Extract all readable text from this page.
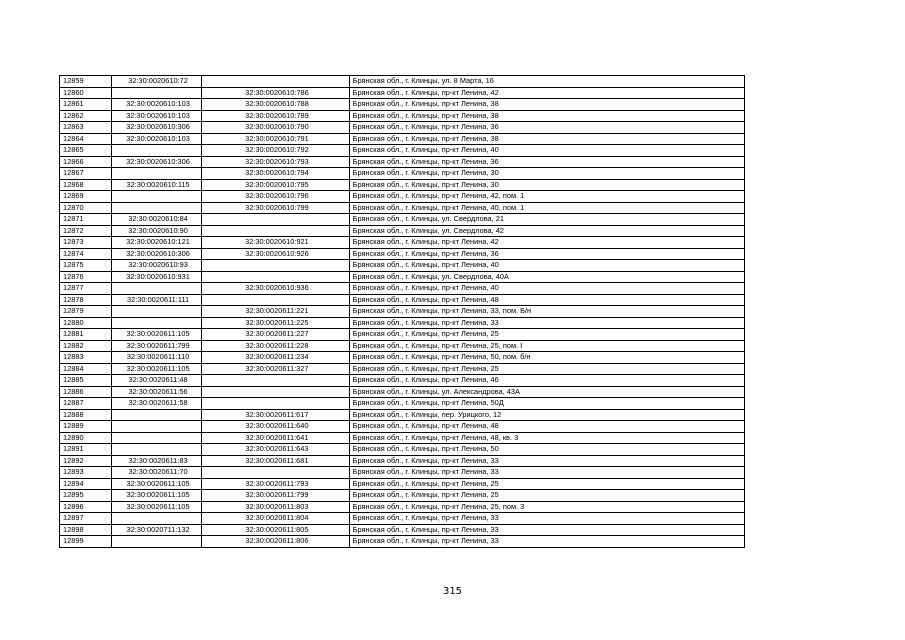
12859	32:30:0020610:72		Брянская обл., г. Клинцы, ул. 8 Марта, 16
12860		32:30:0020610:786	Брянская обл., г. Клинцы, пр-кт Ленина, 42
12861	32:30:0020610:103	32:30:0020610:788	Брянская обл., г. Клинцы, пр-кт Ленина, 38
12862	32:30:0020610:103	32:30:0020610:789	Брянская обл., г. Клинцы, пр-кт Ленина, 38
12863	32:30:0020610:306	32:30:0020610:790	Брянская обл., г. Клинцы, пр-кт Ленина, 36
12864	32:30:0020610:103	32:30:0020610:791	Брянская обл., г. Клинцы, пр-кт Ленина, 38
12865		32:30:0020610:792	Брянская обл., г. Клинцы, пр-кт Ленина, 40
12866	32:30:0020610:306	32:30:0020610:793	Брянская обл., г. Клинцы, пр-кт Ленина, 36
12867		32:30:0020610:794	Брянская обл., г. Клинцы, пр-кт Ленина, 30
12868	32:30:0020610:115	32:30:0020610:795	Брянская обл., г. Клинцы, пр-кт Ленина, 30
12869		32:30:0020610:796	Брянская обл., г. Клинцы, пр-кт Ленина, 42, пом. 1
12870		32:30:0020610:799	Брянская обл., г. Клинцы, пр-кт Ленина, 40, пом. 1
12871	32:30:0020610:84		Брянская обл., г. Клинцы, ул. Свердлова, 21
12872	32:30:0020610:90		Брянская обл., г. Клинцы, ул. Свердлова, 42
12873	32:30:0020610:121	32:30:0020610:921	Брянская обл., г. Клинцы, пр-кт Ленина, 42
12874	32:30:0020610:306	32:30:0020610:926	Брянская обл., г. Клинцы, пр-кт Ленина, 36
12875	32:30:0020610:93		Брянская обл., г. Клинцы, пр-кт Ленина, 40
12876	32:30:0020610:931		Брянская обл., г. Клинцы, ул. Свердлова, 40А
12877		32:30:0020610:936	Брянская обл., г. Клинцы, пр-кт Ленина, 40
12878	32:30:0020611:111		Брянская обл., г. Клинцы, пр-кт Ленина, 48
12879		32:30:0020611:221	Брянская обл., г. Клинцы, пр-кт Ленина, 33, пом. Б/н
12880		32:30:0020611:225	Брянская обл., г. Клинцы, пр-кт Ленина, 33
12881	32:30:0020611:105	32:30:0020611:227	Брянская обл., г. Клинцы, пр-кт Ленина, 25
12882	32:30:0020611:799	32:30:0020611:228	Брянская обл., г. Клинцы, пр-кт Ленина, 25, пом. I
12883	32:30:0020611:110	32:30:0020611:234	Брянская обл., г. Клинцы, пр-кт Ленина, 50, пом. б/н
12884	32:30:0020611:105	32:30:0020611:327	Брянская обл., г. Клинцы, пр-кт Ленина, 25
12885	32:30:0020611:48		Брянская обл., г. Клинцы, пр-кт Ленина, 46
12886	32:30:0020611:56		Брянская обл., г. Клинцы, ул. Александрова, 43А
12887	32:30:0020611:58		Брянская обл., г. Клинцы, пр-кт Ленина, 50Д
12888		32:30:0020611:617	Брянская обл., г. Клинцы, пер. Урицкого, 12
12889		32:30:0020611:640	Брянская обл., г. Клинцы, пр-кт Ленина, 48
12890		32:30:0020611:641	Брянская обл., г. Клинцы, пр-кт Ленина, 48, кв. 3
12891		32:30:0020611:643	Брянская обл., г. Клинцы, пр-кт Ленина, 50
12892	32:30:0020611:83	32:30:0020611:681	Брянская обл., г. Клинцы, пр-кт Ленина, 33
12893	32:30:0020611:70		Брянская обл., г. Клинцы, пр-кт Ленина, 33
12894	32:30:0020611:105	32:30:0020611:793	Брянская обл., г. Клинцы, пр-кт Ленина, 25
12895	32:30:0020611:105	32:30:0020611:799	Брянская обл., г. Клинцы, пр-кт Ленина, 25
12896	32:30:0020611:105	32:30:0020611:803	Брянская обл., г. Клинцы, пр-кт Ленина, 25, пом. 3
12897		32:30:0020611:804	Брянская обл., г. Клинцы, пр-кт Ленина, 33
12898	32:30:0020711:132	32:30:0020611:805	Брянская обл., г. Клинцы, пр-кт Ленина, 33
12899		32:30:0020611:806	Брянская обл., г. Клинцы, пр-кт Ленина, 33
315
